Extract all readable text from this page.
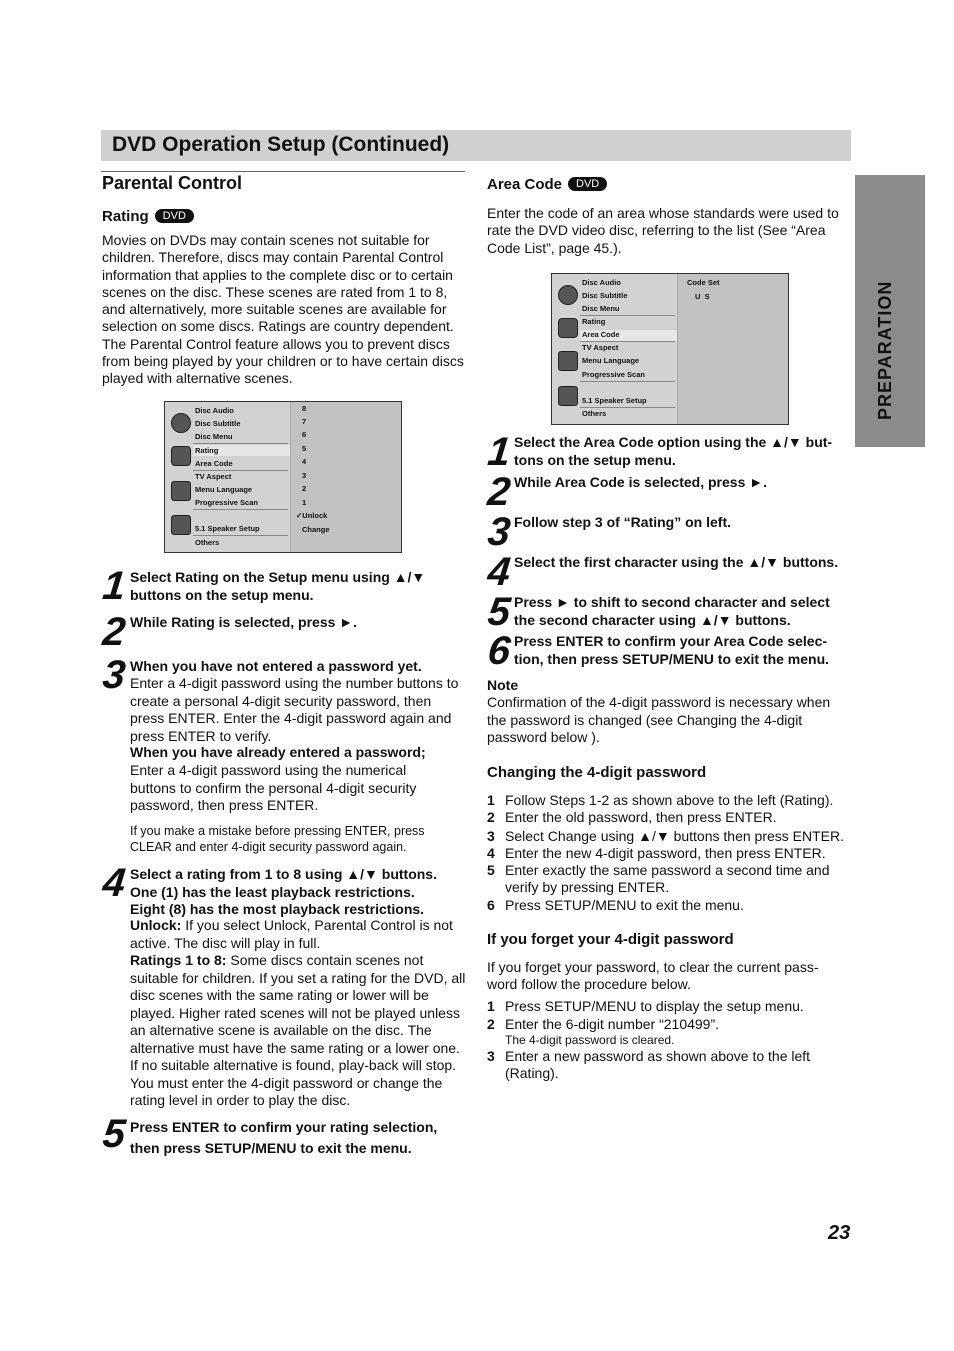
DVD Operation Setup (Continued)
PREPARATION
Parental Control
Rating DVD

Movies on DVDs may contain scenes not suitable for children. Therefore, discs may contain Parental Control information that applies to the complete disc or to certain scenes on the disc. These scenes are rated from 1 to 8, and alternatively, more suitable scenes are available for selection on some discs. Ratings are country dependent. The Parental Control feature allows you to prevent discs from being played by your children or to have certain discs played with alternative scenes.

Disc Audio
Disc Subtitle
Disc Menu
Rating
Area Code
TV Aspect
Menu Language
Progressive Scan
5.1 Speaker Setup
Others
8
7
6
5
4
3
2
1
✓Unlock
Change
1 Select Rating on the Setup menu using ▲/▼ buttons on the setup menu.
2 While Rating is selected, press ►.
3 When you have not entered a password yet.
Enter a 4-digit password using the number buttons to create a personal 4-digit security password, then press ENTER. Enter the 4-digit password again and press ENTER to verify.
When you have already entered a password;
Enter a 4-digit password using the numerical buttons to confirm the personal 4-digit security password, then press ENTER.
If you make a mistake before pressing ENTER, press CLEAR and enter 4-digit security password again.
4 Select a rating from 1 to 8 using ▲/▼ buttons. One (1) has the least playback restrictions. Eight (8) has the most playback restrictions.
Unlock: If you select Unlock, Parental Control is not active. The disc will play in full.
Ratings 1 to 8: Some discs contain scenes not suitable for children. If you set a rating for the DVD, all disc scenes with the same rating or lower will be played. Higher rated scenes will not be played unless an alternative scene is available on the disc. The alternative must have the same rating or a lower one. If no suitable alternative is found, play-back will stop. You must enter the 4-digit password or change the rating level in order to play the disc.
5 Press ENTER to confirm your rating selection, then press SETUP/MENU to exit the menu.
Area Code DVD

Enter the code of an area whose standards were used to rate the DVD video disc, referring to the list (See “Area Code List”, page 45.).

Disc Audio
Disc Subtitle
Disc Menu
Rating
Area Code
TV Aspect
Menu Language
Progressive Scan
5.1 Speaker Setup
Others
Code Set
U  S
1 Select the Area Code option using the ▲/▼ but-tons on the setup menu.
2 While Area Code is selected, press ►.
3 Follow step 3 of “Rating” on left.
4 Select the first character using the ▲/▼ buttons.
5 Press ► to shift to second character and select the second character using ▲/▼ buttons.
6 Press ENTER to confirm your Area Code selec-tion, then press SETUP/MENU to exit the menu.
Note
Confirmation of the 4-digit password is necessary when the password is changed (see Changing the 4-digit password below ).
Changing the 4-digit password
1 Follow Steps 1-2 as shown above to the left (Rating).
2 Enter the old password, then press ENTER.
3 Select Change using ▲/▼ buttons then press ENTER.
4 Enter the new 4-digit password, then press ENTER.
5 Enter exactly the same password a second time and verify by pressing ENTER.
6 Press SETUP/MENU to exit the menu.
If you forget your 4-digit password

If you forget your password, to clear the current pass-word follow the procedure below.

1 Press SETUP/MENU to display the setup menu.
2 Enter the 6-digit number “210499”.
The 4-digit password is cleared.
3 Enter a new password as shown above to the left (Rating).
23
